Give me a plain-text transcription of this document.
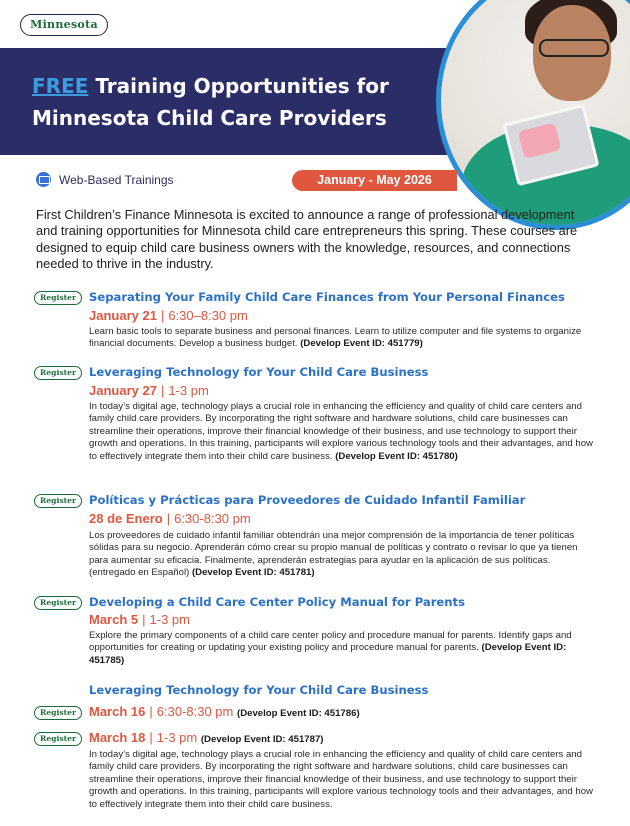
Minnesota
FREE Training Opportunities for Minnesota Child Care Providers
Web-Based Trainings	January - May 2026
First Children’s Finance Minnesota is excited to announce a range of professional development and training opportunities for Minnesota child care entrepreneurs this spring. These courses are designed to equip child care business owners with the knowledge, resources, and connections needed to thrive in the industry.
Register	Separating Your Family Child Care Finances from Your Personal Finances
January 21 | 6:30–8:30 pm
Learn basic tools to separate business and personal finances. Learn to utilize computer and file systems to organize financial documents. Develop a business budget. (Develop Event ID: 451779)
Register	Leveraging Technology for Your Child Care Business
January 27 | 1-3 pm
In today’s digital age, technology plays a crucial role in enhancing the efficiency and quality of child care centers and family child care providers. By incorporating the right software and hardware solutions, child care businesses can streamline their operations, improve their financial knowledge of their business, and use technology to support their growth and operations. In this training, participants will explore various technology tools and their advantages, and how to effectively integrate them into their child care business. (Develop Event ID: 451780)
Register	Políticas y Prácticas para Proveedores de Cuidado Infantil Familiar
28 de Enero | 6:30-8:30 pm
Los proveedores de cuidado infantil familiar obtendrán una mejor comprensión de la importancia de tener políticas sólidas para su negocio. Aprenderán cómo crear su propio manual de políticas y contrato o revisar lo que ya tienen para aumentar su eficacia. Finalmente, aprenderán estrategias para ayudar en la aplicación de sus políticas. (entregado en Español) (Develop Event ID: 451781)
Register	Developing a Child Care Center Policy Manual for Parents
March 5 | 1-3 pm
Explore the primary components of a child care center policy and procedure manual for parents. Identify gaps and opportunities for creating or updating your existing policy and procedure manual for parents. (Develop Event ID: 451785)
Leveraging Technology for Your Child Care Business
Register	March 16 | 6:30-8:30 pm (Develop Event ID: 451786)
Register	March 18 | 1-3 pm (Develop Event ID: 451787)
In today’s digital age, technology plays a crucial role in enhancing the efficiency and quality of child care centers and family child care providers. By incorporating the right software and hardware solutions, child care businesses can streamline their operations, improve their financial knowledge of their business, and use technology to support their growth and operations. In this training, participants will explore various technology tools and their advantages, and how to effectively integrate them into their child care business.
